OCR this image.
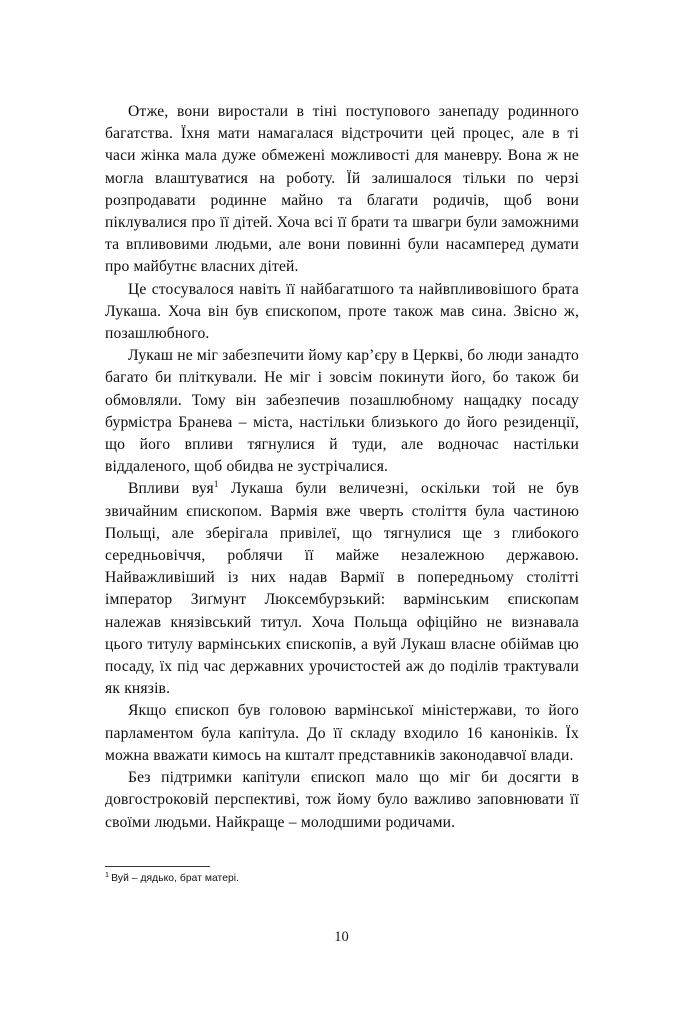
Отже, вони виростали в тіні поступового занепаду родинного багатства. Їхня мати намагалася відстрочити цей процес, але в ті часи жінка мала дуже обмежені можливості для маневру. Вона ж не могла влаштуватися на роботу. Їй залишалося тільки по черзі розпродавати родинне майно та благати родичів, щоб вони піклувалися про її дітей. Хоча всі її брати та швагри були заможними та впливовими людьми, але вони повинні були насамперед думати про майбутнє власних дітей.

Це стосувалося навіть її найбагатшого та найвпливовішого брата Лукаша. Хоча він був єпископом, проте також мав сина. Звісно ж, позашлюбного.

Лукаш не міг забезпечити йому кар’єру в Церкві, бо люди занадто багато би пліткували. Не міг і зовсім покинути його, бо також би обмовляли. Тому він забезпечив позашлюбному нащадку посаду бурмістра Бранева – міста, настільки близького до його резиденції, що його впливи тягнулися й туди, але водночас настільки віддаленого, щоб обидва не зустрічалися.

Впливи вуя$^1$ Лукаша були величезні, оскільки той не був звичайним єпископом. Вармія вже чверть століття була частиною Польщі, але зберігала привілеї, що тягнулися ще з глибокого середньовіччя, роблячи її майже незалежною державою. Найважливіший із них надав Вармії в попередньому столітті імператор Зиґмунт Люксембурзький: вармінським єпископам належав князівський титул. Хоча Польща офіційно не визнавала цього титулу вармінських єпископів, а вуй Лукаш власне обіймав цю посаду, їх під час державних урочистостей аж до поділів трактували як князів.

Якщо єпископ був головою вармінської міністержави, то його парламентом була капітула. До її складу входило 16 каноніків. Їх можна вважати кимось на кшталт представників законодавчої влади.

Без підтримки капітули єпископ мало що міг би досягти в довгостроковій перспективі, тож йому було важливо заповнювати її своїми людьми. Найкраще – молодшими родичами.

$^1$ Вуй – дядько, брат матері.

10
